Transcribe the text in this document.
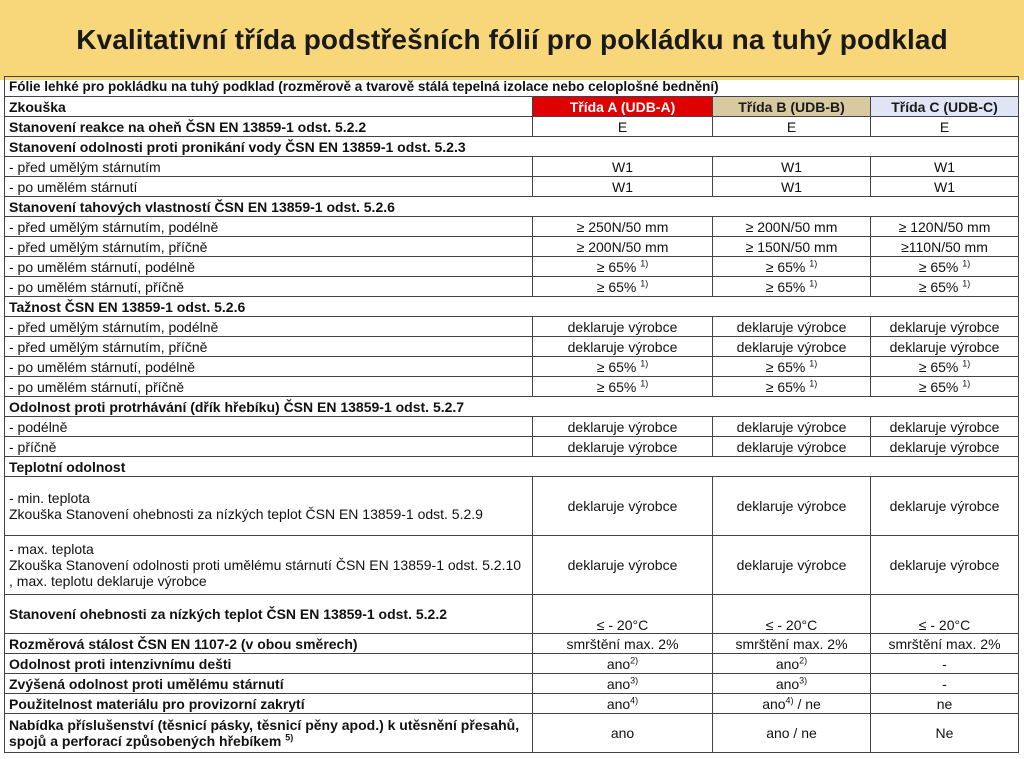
Kvalitativní třída podstřešních fólií pro pokládku na tuhý podklad
Fólie lehké pro pokládku na tuhý podklad (rozměrově a tvarově stálá tepelná izolace nebo celoplošné bednění)			
Zkouška	Třída A (UDB-A)	Třída B (UDB-B)	Třída C (UDB-C)
Stanovení reakce na oheň ČSN EN 13859-1 odst. 5.2.2	E	E	E
Stanovení odolnosti proti pronikání vody ČSN EN 13859-1 odst. 5.2.3			
- před umělým stárnutím	W1	W1	W1
- po umělém stárnutí	W1	W1	W1
Stanovení tahových vlastností ČSN EN 13859-1 odst. 5.2.6			
- před umělým stárnutím, podélně	≥ 250N/50 mm	≥ 200N/50 mm	≥ 120N/50 mm
- před umělým stárnutím, příčně	≥ 200N/50 mm	≥ 150N/50 mm	≥110N/50 mm
- po umělém stárnutí, podélně	≥ 65% $^{1)}$	≥ 65% $^{1)}$	≥ 65% $^{1)}$
- po umělém stárnutí, příčně	≥ 65% $^{1)}$	≥ 65% $^{1)}$	≥ 65% $^{1)}$
Tažnost ČSN EN 13859-1 odst. 5.2.6			
- před umělým stárnutím, podélně	deklaruje výrobce	deklaruje výrobce	deklaruje výrobce
- před umělým stárnutím, příčně	deklaruje výrobce	deklaruje výrobce	deklaruje výrobce
- po umělém stárnutí, podélně	≥ 65% $^{1)}$	≥ 65% $^{1)}$	≥ 65% $^{1)}$
- po umělém stárnutí, příčně	≥ 65% $^{1)}$	≥ 65% $^{1)}$	≥ 65% $^{1)}$
Odolnost proti protrhávání (dřík hřebíku) ČSN EN 13859-1 odst. 5.2.7			
- podélně	deklaruje výrobce	deklaruje výrobce	deklaruje výrobce
- příčně	deklaruje výrobce	deklaruje výrobce	deklaruje výrobce
Teplotní odolnost			
- min. teplota
Zkouška Stanovení ohebnosti za nízkých teplot ČSN EN 13859-1 odst. 5.2.9	deklaruje výrobce	deklaruje výrobce	deklaruje výrobce
- max. teplota
Zkouška Stanovení odolnosti proti umělému stárnutí ČSN EN 13859-1 odst. 5.2.10 , max. teplotu deklaruje výrobce	deklaruje výrobce	deklaruje výrobce	deklaruje výrobce
Stanovení ohebnosti za nízkých teplot ČSN EN 13859-1 odst. 5.2.2	≤ - 20°C	≤ - 20°C	≤ - 20°C
Rozměrová stálost ČSN EN 1107-2 (v obou směrech)	smrštění max. 2%	smrštění max. 2%	smrštění max. 2%
Odolnost proti intenzivnímu dešti	ano$^{2)}$	ano$^{2)}$	-
Zvýšená odolnost proti umělému stárnutí	ano$^{3)}$	ano$^{3)}$	-
Použitelnost materiálu pro provizorní zakrytí	ano$^{4)}$	ano$^{4)}$ / ne	ne
Nabídka příslušenství (těsnicí pásky, těsnicí pěny apod.) k utěsnění přesahů, spojů a perforací způsobených hřebíkem $^{5)}$	ano	ano / ne	Ne
